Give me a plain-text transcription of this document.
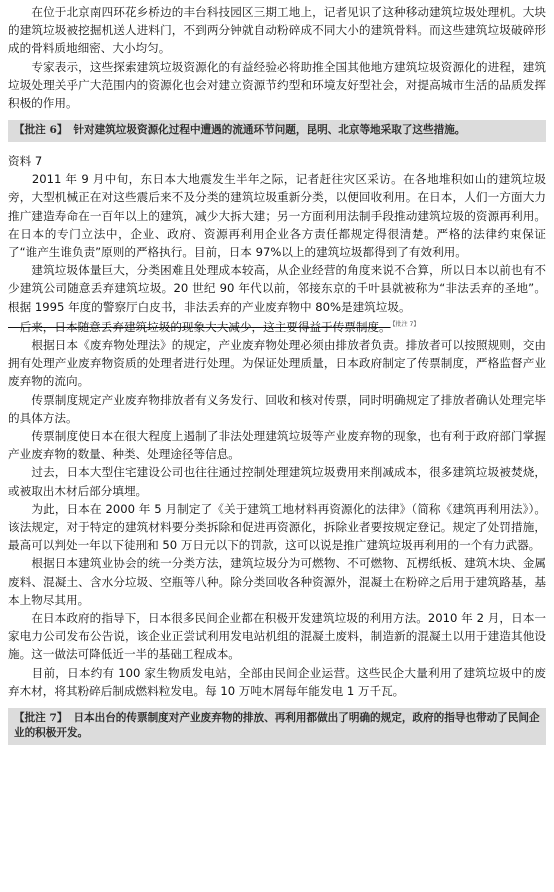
　　在位于北京南四环花乡桥边的丰台科技园区三期工地上，记者见识了这种移动建筑垃圾处理机。大块的建筑垃圾被挖掘机送人进料门，不到两分钟就自动粉碎成不同大小的建筑骨料。而这些建筑垃圾破碎形成的骨料质地细密、大小均匀。

　　专家表示，这些探索建筑垃圾资源化的有益经验必将助推全国其他地方建筑垃圾资源化的进程，建筑垃圾处理关乎广大范围内的资源化也会对建立资源节约型和环境友好型社会，对提高城市生活的品质发挥积极的作用。

【批注 6】 针对建筑垃圾资源化过程中遭遇的流通环节问题，昆明、北京等地采取了这些措施。

资料 7

　　2011 年 9 月中旬，东日本大地震发生半年之际，记者赶往灾区采访。在各地堆积如山的建筑垃圾旁，大型机械正在对这些震后来不及分类的建筑垃圾重新分类，以便回收利用。在日本，人们一方面大力推广建造寿命在一百年以上的建筑，减少大拆大建；另一方面利用法制手段推动建筑垃圾的资源再利用。在日本的专门立法中，企业、政府、资源再利用企业各方责任都规定得很清楚。严格的法律约束保证了“谁产生谁负责”原则的严格执行。目前，日本 97%以上的建筑垃圾都得到了有效利用。

　　建筑垃圾体量巨大，分类困难且处理成本较高，从企业经营的角度来说不合算，所以日本以前也有不少建筑公司随意丢弃建筑垃圾。20 世纪 90 年代以前，邻接东京的千叶县就被称为“非法丢弃的圣地”。根据 1995 年度的警察厅白皮书，非法丢弃的产业废弃物中 80%是建筑垃圾。

　后来，日本随意丢弃建筑垃圾的现象大大减少，这主要得益于传票制度。 $^{【批注 7】}$

　　根据日本《废弃物处理法》的规定，产业废弃物处理必须由排放者负责。排放者可以按照规则，交由拥有处理产业废弃物资质的处理者进行处理。为保证处理质量，日本政府制定了传票制度，严格监督产业废弃物的流向。

　　传票制度规定产业废弃物排放者有义务发行、回收和核对传票，同时明确规定了排放者确认处理完毕的具体方法。

　　传票制度使日本在很大程度上遏制了非法处理建筑垃圾等产业废弃物的现象，也有利于政府部门掌握产业废弃物的数量、种类、处理途径等信息。

　　过去，日本大型住宅建设公司也往往通过控制处理建筑垃圾费用来削减成本，很多建筑垃圾被焚烧，或被取出木材后部分填埋。

　　为此，日本在 2000 年 5 月制定了《关于建筑工地材料再资源化的法律》（简称《建筑再利用法》）。该法规定，对于特定的建筑材料要分类拆除和促进再资源化，拆除业者要按规定登记。规定了处罚措施，最高可以判处一年以下徒刑和 50 万日元以下的罚款，这可以说是推广建筑垃圾再利用的一个有力武器。

　　根据日本建筑业协会的统一分类方法，建筑垃圾分为可燃物、不可燃物、瓦楞纸板、建筑木块、金属废料、混凝土、含水分垃圾、空瓶等八种。除分类回收各种资源外，混凝土在粉碎之后用于建筑路基，基本上物尽其用。

　　在日本政府的指导下，日本很多民间企业都在积极开发建筑垃圾的利用方法。2010 年 2 月，日本一家电力公司发布公告说，该企业正尝试利用发电站机组的混凝土废料，制造新的混凝土以用于建造其他设施。这一做法可降低近一半的基础工程成本。

　　目前，日本约有 100 家生物质发电站，全部由民间企业运营。这些民企大量利用了建筑垃圾中的废弃木材，将其粉碎后制成燃料粒发电。每 10 万吨木屑每年能发电 1 万千瓦。

【批注 7】 日本出台的传票制度对产业废弃物的排放、再利用都做出了明确的规定，政府的指导也带动了民间企业的积极开发。
